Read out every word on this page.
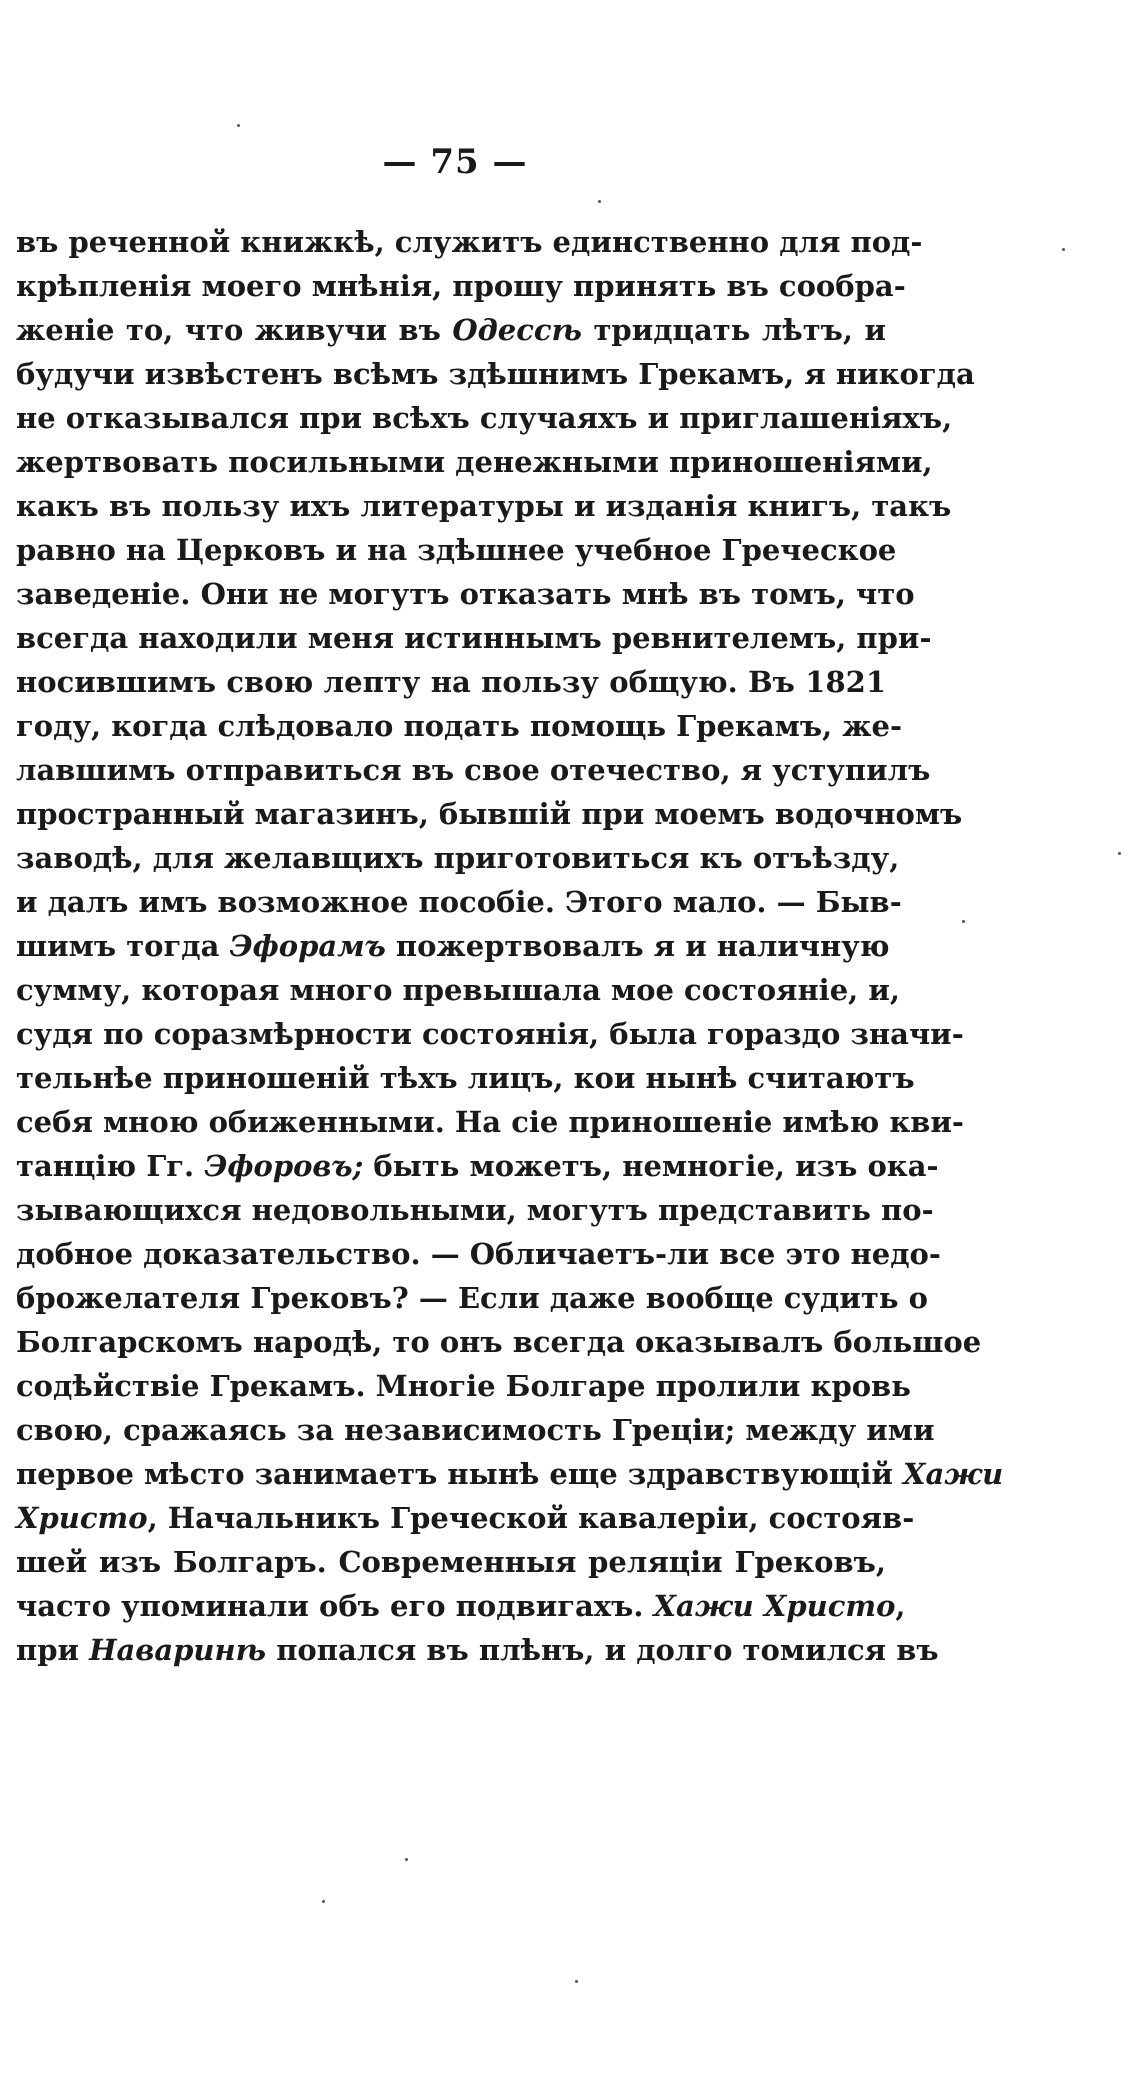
— 75 —
въ реченной книжкѣ, служитъ единственно для под-
крѣпленія моего мнѣнія, прошу принять въ сообра-
женіе то, что живучи въ Одессѣ тридцать лѣтъ, и
будучи извѣстенъ всѣмъ здѣшнимъ Грекамъ, я никогда
не отказывался при всѣхъ случаяхъ и приглашеніяхъ,
жертвовать посильными денежными приношеніями,
какъ въ пользу ихъ литературы и изданія книгъ, такъ
равно на Церковъ и на здѣшнее учебное Греческое
заведеніе. Они не могутъ отказать мнѣ въ томъ, что
всегда находили меня истиннымъ ревнителемъ, при-
носившимъ свою лепту на пользу общую. Въ 1821
году, когда слѣдовало подать помощь Грекамъ, же-
лавшимъ отправиться въ свое отечество, я уступилъ
пространный магазинъ, бывшій при моемъ водочномъ
заводѣ, для желавщихъ приготовиться къ отъѣзду,
и далъ имъ возможное пособіе. Этого мало. — Быв-
шимъ тогда Эфорамъ пожертвовалъ я и наличную
сумму, которая много превышала мое состояніе, и,
судя по соразмѣрности состоянія, была гораздо значи-
тельнѣе приношеній тѣхъ лицъ, кои нынѣ считаютъ
себя мною обиженными. На сіе приношеніе имѣю кви-
танцію Гг. Эфоровъ; быть можетъ, немногіе, изъ ока-
зывающихся недовольными, могутъ представить по-
добное доказательство. — Обличаетъ-ли все это недо-
брожелателя Грековъ? — Если даже вообще судить о
Болгарскомъ народѣ, то онъ всегда оказывалъ большое
содѣйствіе Грекамъ. Многіе Болгаре пролили кровь
свою, сражаясь за независимость Греціи; между ими
первое мѣсто занимаетъ нынѣ еще здравствующій Хажи
Христо, Начальникъ Греческой кавалеріи, состояв-
шей изъ Болгаръ. Современныя реляціи Грековъ,
часто упоминали объ его подвигахъ. Хажи Христо,
при Наваринѣ попался въ плѣнъ, и долго томился въ
